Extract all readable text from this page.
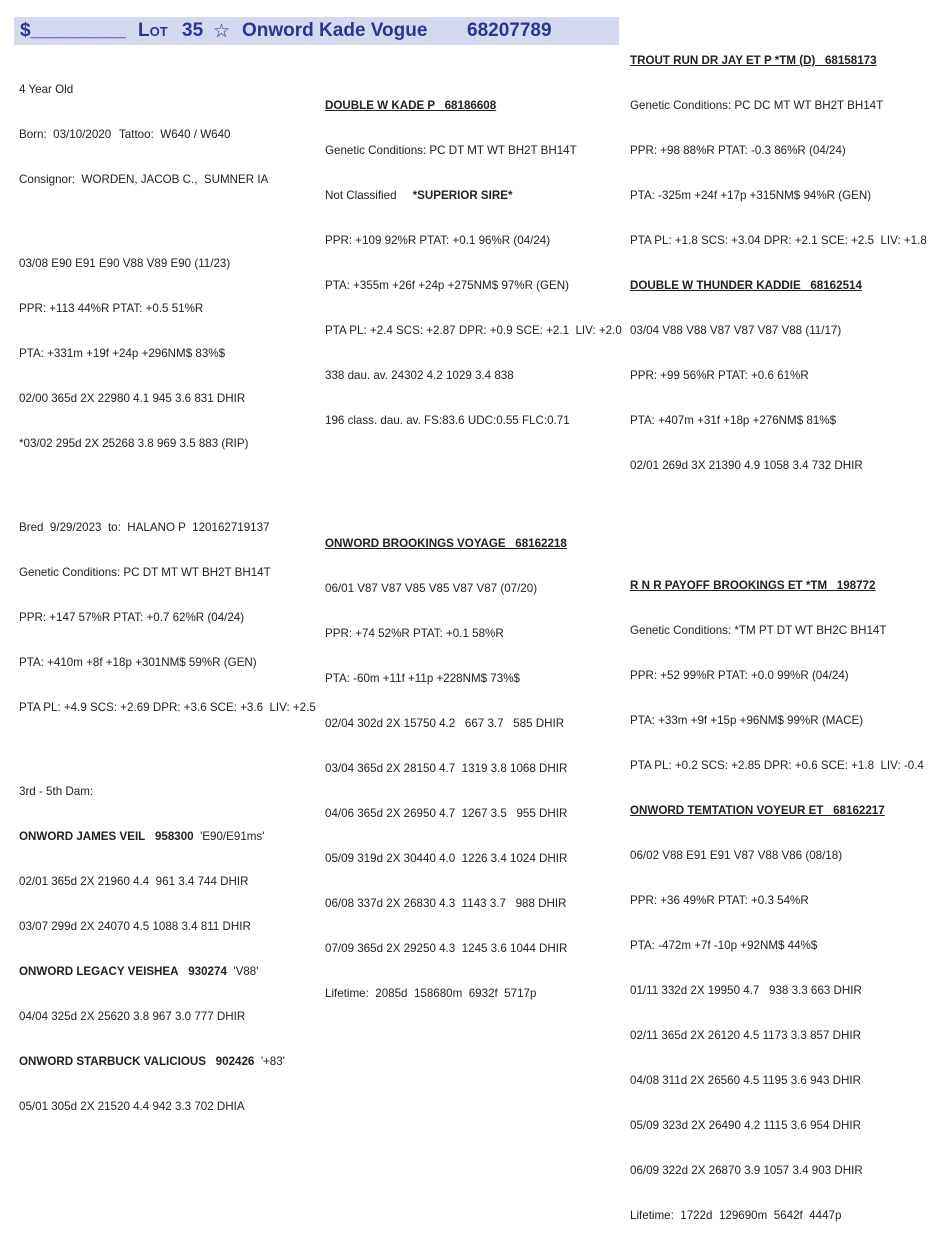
$_________ Lot 35 ☆ Onword Kade Vogue 68207789

4 Year Old

Born:  03/10/2020 Tattoo:  W640 / W640

Consignor:  WORDEN, JACOB C.,  SUMNER IA

03/08 E90 E91 E90 V88 V89 E90 (11/23)

PPR: +113 44%R PTAT: +0.5 51%R

PTA: +331m +19f +24p +296NM$ 83%$

02/00 365d 2X 22980 4.1 945 3.6 831 DHIR

*03/02 295d 2X 25268 3.8 969 3.5 883 (RIP)

Bred  9/29/2023  to:  HALANO P  120162719137

Genetic Conditions: PC DT MT WT BH2T BH14T

PPR: +147 57%R PTAT: +0.7 62%R (04/24)

PTA: +410m +8f +18p +301NM$ 59%R (GEN)

PTA PL: +4.9 SCS: +2.69 DPR: +3.6 SCE: +3.6  LIV: +2.5

3rd - 5th Dam:

ONWORD JAMES VEIL 958300 'E90/E91ms'

02/01 365d 2X 21960 4.4  961 3.4 744 DHIR

03/07 299d 2X 24070 4.5 1088 3.4 811 DHIR

ONWORD LEGACY VEISHEA 930274 'V88'

04/04 325d 2X 25620 3.8 967 3.0 777 DHIR

ONWORD STARBUCK VALICIOUS 902426 '+83'

05/01 305d 2X 21520 4.4 942 3.3 702 DHIA

DOUBLE W KADE P   68186608

Genetic Conditions: PC DT MT WT BH2T BH14T

Not Classified *SUPERIOR SIRE*

PPR: +109 92%R PTAT: +0.1 96%R (04/24)

PTA: +355m +26f +24p +275NM$ 97%R (GEN)

PTA PL: +2.4 SCS: +2.87 DPR: +0.9 SCE: +2.1  LIV: +2.0

338 dau. av. 24302 4.2 1029 3.4 838

196 class. dau. av. FS:83.6 UDC:0.55 FLC:0.71

ONWORD BROOKINGS VOYAGE   68162218

06/01 V87 V87 V85 V85 V87 V87 (07/20)

PPR: +74 52%R PTAT: +0.1 58%R

PTA: -60m +11f +11p +228NM$ 73%$

02/04 302d 2X 15750 4.2   667 3.7   585 DHIR

03/04 365d 2X 28150 4.7  1319 3.8 1068 DHIR

04/06 365d 2X 26950 4.7  1267 3.5   955 DHIR

05/09 319d 2X 30440 4.0  1226 3.4 1024 DHIR

06/08 337d 2X 26830 4.3  1143 3.7   988 DHIR

07/09 365d 2X 29250 4.3  1245 3.6 1044 DHIR

Lifetime:  2085d  158680m  6932f  5717p

TROUT RUN DR JAY ET P *TM (D)   68158173

Genetic Conditions: PC DC MT WT BH2T BH14T

PPR: +98 88%R PTAT: -0.3 86%R (04/24)

PTA: -325m +24f +17p +315NM$ 94%R (GEN)

PTA PL: +1.8 SCS: +3.04 DPR: +2.1 SCE: +2.5  LIV: +1.8

DOUBLE W THUNDER KADDIE   68162514

03/04 V88 V88 V87 V87 V87 V88 (11/17)

PPR: +99 56%R PTAT: +0.6 61%R

PTA: +407m +31f +18p +276NM$ 81%$

02/01 269d 3X 21390 4.9 1058 3.4 732 DHIR

R N R PAYOFF BROOKINGS ET *TM   198772

Genetic Conditions: *TM PT DT WT BH2C BH14T

PPR: +52 99%R PTAT: +0.0 99%R (04/24)

PTA: +33m +9f +15p +96NM$ 99%R (MACE)

PTA PL: +0.2 SCS: +2.85 DPR: +0.6 SCE: +1.8  LIV: -0.4

ONWORD TEMTATION VOYEUR ET   68162217

06/02 V88 E91 E91 V87 V88 V86 (08/18)

PPR: +36 49%R PTAT: +0.3 54%R

PTA: -472m +7f -10p +92NM$ 44%$

01/11 332d 2X 19950 4.7   938 3.3 663 DHIR

02/11 365d 2X 26120 4.5 1173 3.3 857 DHIR

04/08 311d 2X 26560 4.5 1195 3.6 943 DHIR

05/09 323d 2X 26490 4.2 1115 3.6 954 DHIR

06/09 322d 2X 26870 3.9 1057 3.4 903 DHIR

Lifetime:  1722d  129690m  5642f  4447p
